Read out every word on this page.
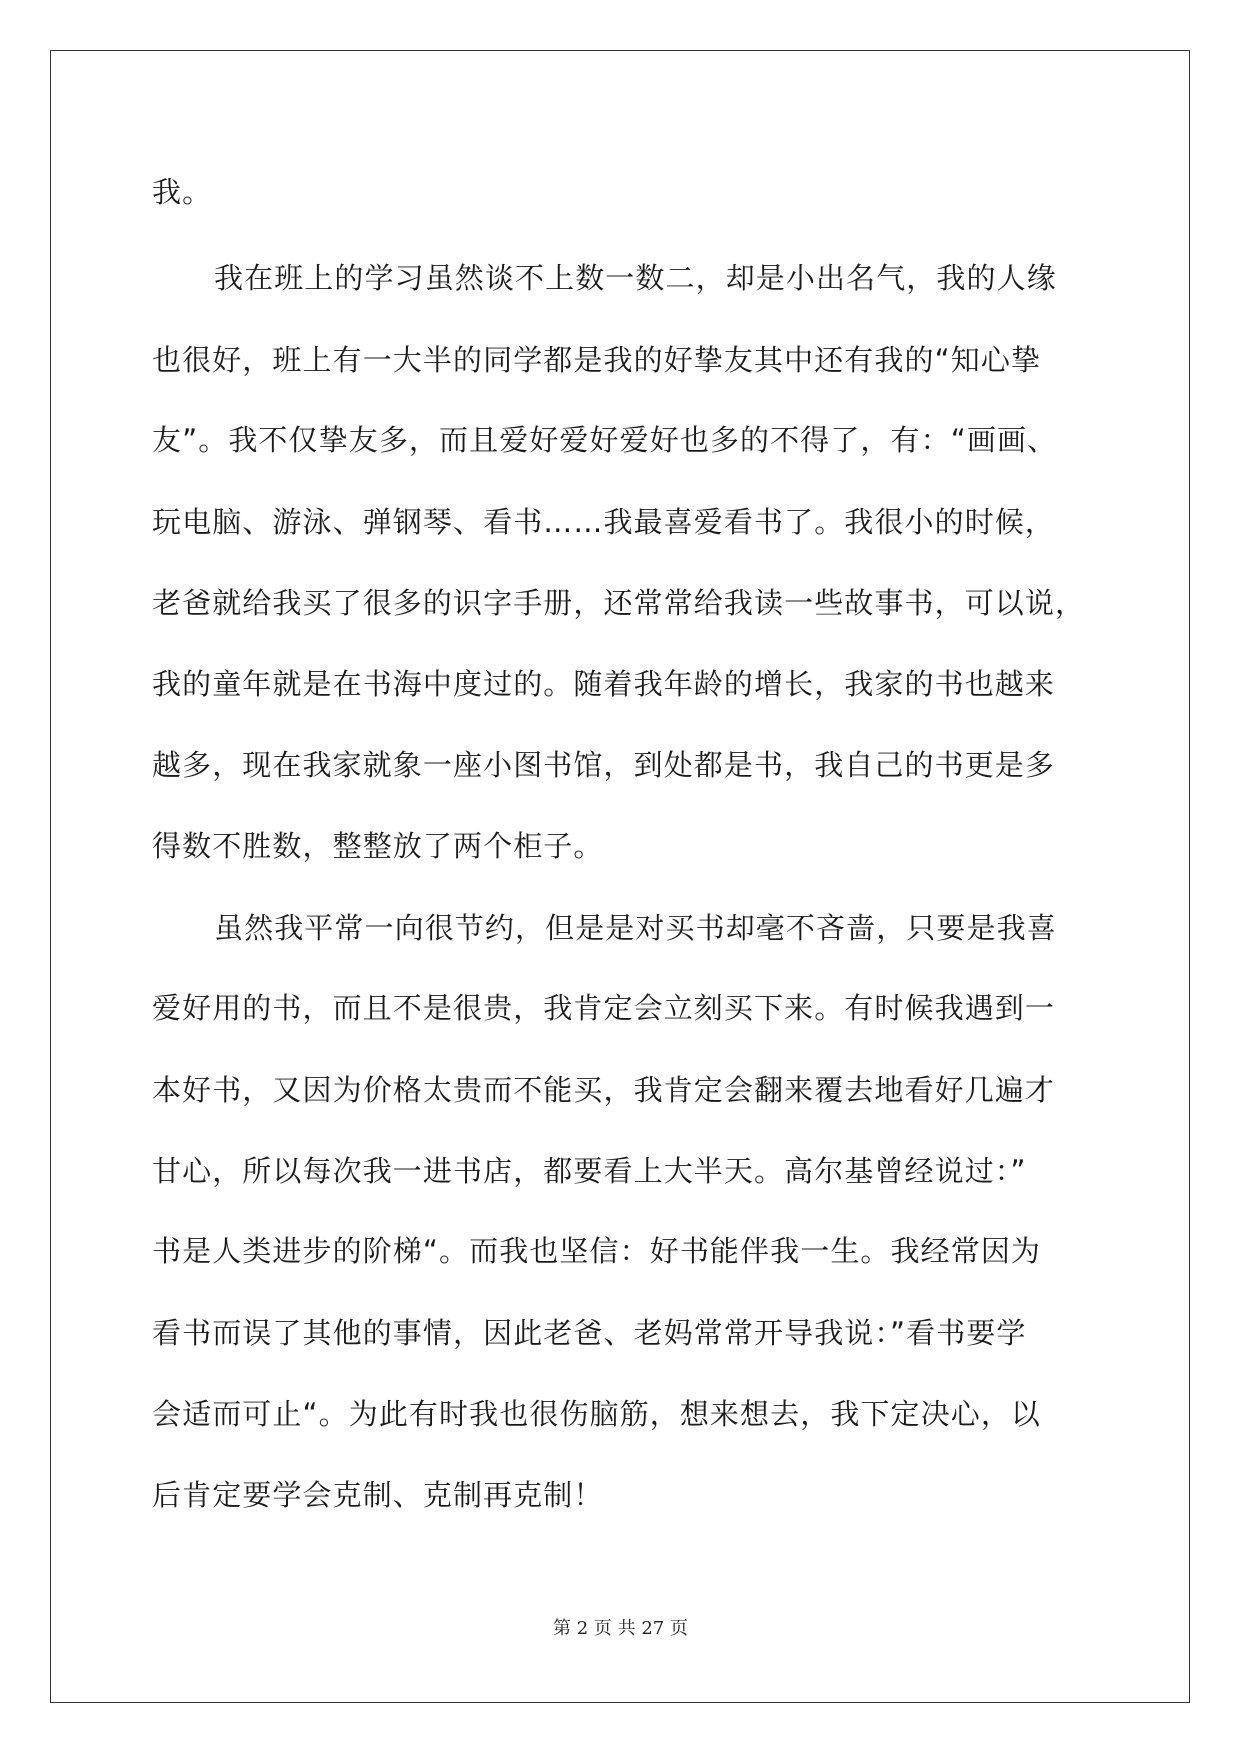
我。
我在班上的学习虽然谈不上数一数二，却是小出名气，我的人缘
也很好，班上有一大半的同学都是我的好挚友其中还有我的“知心挚
友”。我不仅挚友多，而且爱好爱好爱好也多的不得了，有：“画画、
玩电脑、游泳、弹钢琴、看书……我最喜爱看书了。我很小的时候，
老爸就给我买了很多的识字手册，还常常给我读一些故事书，可以说，
我的童年就是在书海中度过的。随着我年龄的增长，我家的书也越来
越多，现在我家就象一座小图书馆，到处都是书，我自己的书更是多
得数不胜数，整整放了两个柜子。
虽然我平常一向很节约，但是是对买书却毫不吝啬，只要是我喜
爱好用的书，而且不是很贵，我肯定会立刻买下来。有时候我遇到一
本好书，又因为价格太贵而不能买，我肯定会翻来覆去地看好几遍才
甘心，所以每次我一进书店，都要看上大半天。高尔基曾经说过：”
书是人类进步的阶梯“。而我也坚信：好书能伴我一生。我经常因为
看书而误了其他的事情，因此老爸、老妈常常开导我说：”看书要学
会适而可止“。为此有时我也很伤脑筋，想来想去，我下定决心，以
后肯定要学会克制、克制再克制！
第 2 页 共 27 页
